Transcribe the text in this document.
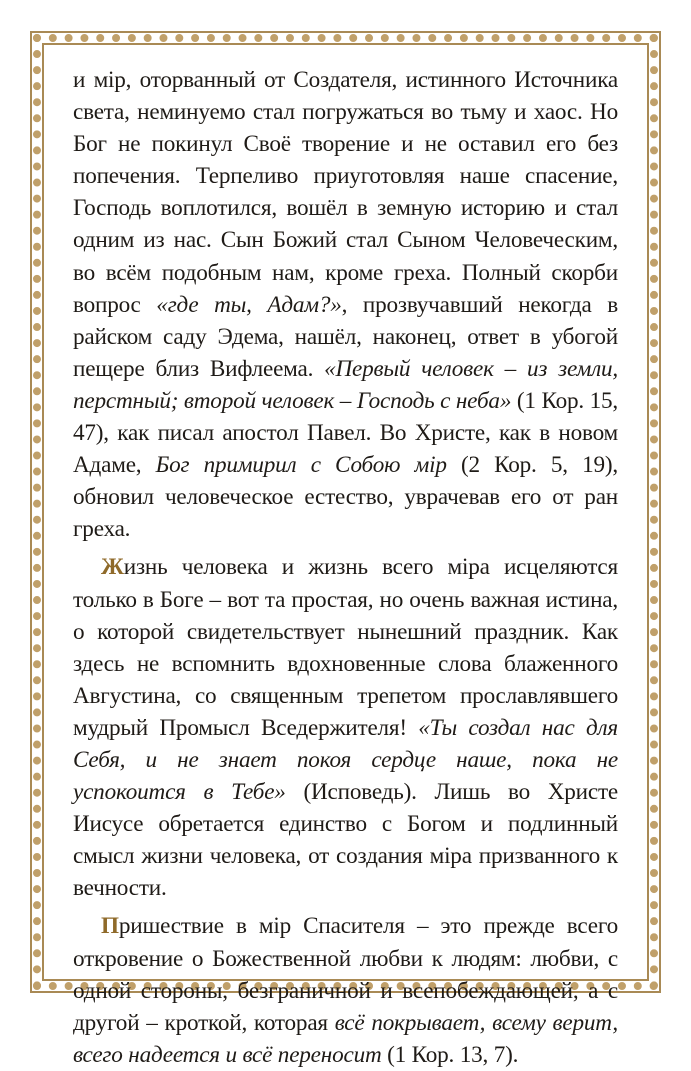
и мір, оторванный от Создателя, истинного Источника света, неминуемо стал погружаться во тьму и хаос. Но Бог не покинул Своё творение и не оставил его без попечения. Терпеливо приуготовляя наше спасение, Господь воплотился, вошёл в земную историю и стал одним из нас. Сын Божий стал Сыном Человеческим, во всём подобным нам, кроме греха. Полный скорби вопрос «где ты, Адам?», прозвучавший некогда в райском саду Эдема, нашёл, наконец, ответ в убогой пещере близ Вифлеема. «Первый человек – из земли, перстный; второй человек – Господь с неба» (1 Кор. 15, 47), как писал апостол Павел. Во Христе, как в новом Адаме, Бог примирил с Собою мір (2 Кор. 5, 19), обновил человеческое естество, уврачевав его от ран греха.

Жизнь человека и жизнь всего міра исцеляются только в Боге – вот та простая, но очень важная истина, о которой свидетельствует нынешний праздник. Как здесь не вспомнить вдохновенные слова блаженного Августина, со священным трепетом прославлявшего мудрый Промысл Вседержителя! «Ты создал нас для Себя, и не знает покоя сердце наше, пока не успокоится в Тебе» (Исповедь). Лишь во Христе Иисусе обретается единство с Богом и подлинный смысл жизни человека, от создания міра призванного к вечности.

Пришествие в мір Спасителя – это прежде всего откровение о Божественной любви к людям: любви, с одной стороны, безграничной и всепобеждающей, а с другой – кроткой, которая всё покрывает, всему верит, всего надеется и всё переносит (1 Кор. 13, 7).
